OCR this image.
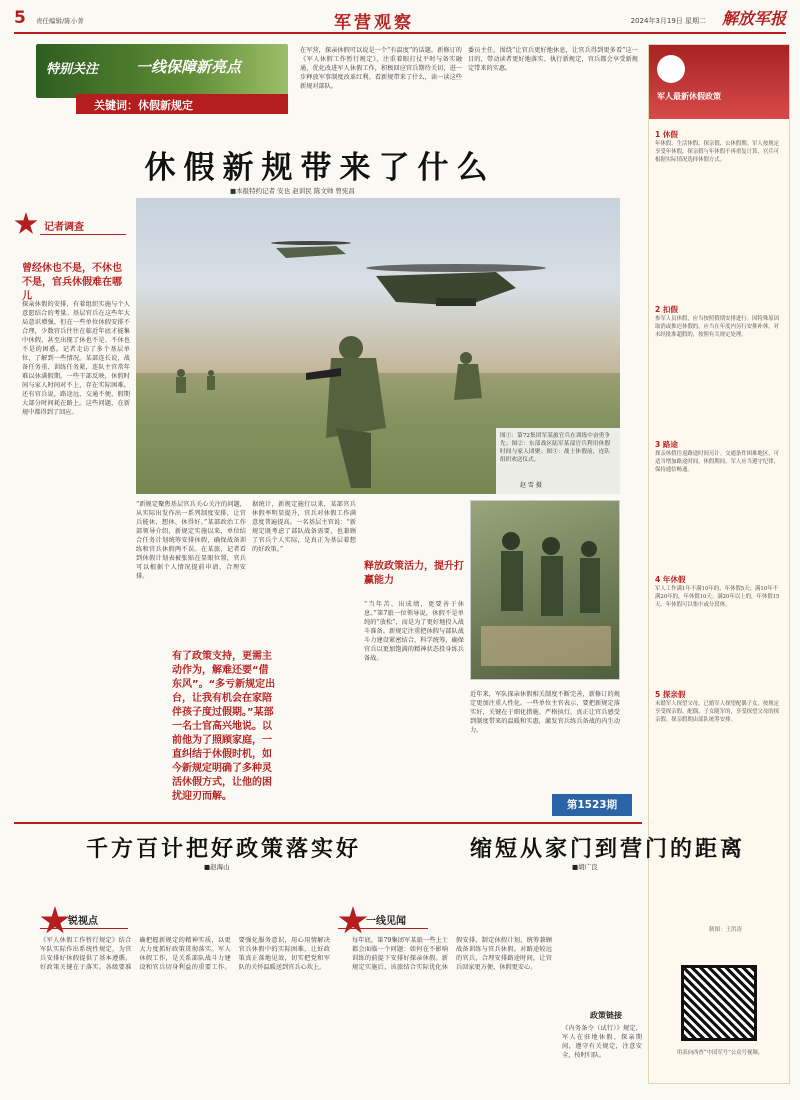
5 责任编辑/陈小菁	军营观察	2024年3月19日 星期二 解放军报
特别关注	一线保障新亮点
关键词：休假新规定
在军营，探亲休假可以说是一个“有温度”的话题。新修订的《军人休假工作暂行规定》，注重着眼打仗平时与备实融通，优化改进军人休假工作，积极回应官兵期待关切，进一步释放军事制度改革红利。看新规带来了什么，读一读这些新规对部队。
委员主任，围绕“让官兵更好地休息，让官兵得到更多看”这一目的，带动读者更好地落实、执行新规定，官兵都会享受新规定带来的实惠。
休假新规带来了什么
■本报特约记者 安也 赵训民 陈文帅 曾宪昌
记者调查
曾经休也不是，不休也不是，官兵休假难在哪儿
探亲休假的安排，有着组织实施与个人意愿结合的考量。基层官兵在这些年大局意识增强，但在一些单位休假安排不合理，少数官兵往往在临近年底才能集中休假，甚至出现了休也不是、不休也不是的困惑。记者走访了多个基层单位，了解到一些情况。某部连长说，战备任务重、训练任务紧，连队主官常年难以休满假期。一些干部反映，休假时间与家人时间对不上，存在实际困难。还有官兵说，路途远、交通不便，假期大部分时间耗在路上。这些问题，在新规中都得到了回应。
图①：第72集团军某旅官兵在训练中奋勇争先；图②：东部战区陆军某部官兵利用休假时间与家人团聚；图③：战士休假前，连队组织欢送仪式。
赵 雪 摄
“新规定聚焦基层官兵关心关注的问题，从实际出发作出一系列制度安排，让官兵能休、想休、休得好。”某部政治工作部领导介绍，新规定实施以来，单位结合任务计划统筹安排休假，确保战备训练和官兵休假两不误。在某旅，记者看到休假计划表被张贴在显眼位置，官兵可以根据个人情况提前申请、合理安排。
有了政策支持，更需主动作为，解难还要“借东风”。“多亏新规定出台，让我有机会在家陪伴孩子度过假期。”某部一名士官高兴地说。以前他为了照顾家庭，一直纠结于休假时机，如今新规定明确了多种灵活休假方式，让他的困扰迎刃而解。
据统计，新规定施行以来，某部官兵休假率明显提升，官兵对休假工作满意度普遍提高。一名基层主官说：“新规定既考虑了部队战备需要，也兼顾了官兵个人实际，是真正为基层着想的好政策。”
释放政策活力，提升打赢能力
“当年苦、出成绩，更要善于休息。”第7旅一位领导说，休假不是单纯的“放松”，而是为了更好地投入战斗准备。新规定注重把休假与部队战斗力建设紧密结合，科学统筹，确保官兵以更加饱满的精神状态投身练兵备战。
近年来，军队探亲休假相关制度不断完善，新修订的规定更加注重人性化。一些单位主官表示，要把新规定落实好，关键在于细化措施、严格执行，真正让官兵感受到制度带来的温暖和实惠，激发官兵练兵备战的内生动力。
第1523期
军人最新休假政策
1 休假
年休假、生活休假、探亲假、公休假期。军人按规定享受年休假，探亲假与年休假不再重复计算，官兵可根据实际情况选择休假方式。
2 扣假
参军人员休假，应当按照假期安排进行。因特殊原因取消或推迟休假的，应当在年度内另行安排补休。对未经批准超假的，按照有关规定处理。
3 路途
探亲休假往返路途时间另计。交通条件困难地区，可适当增加路途时间。休假期间，军人应当遵守纪律，保持通信畅通。
4 年休假
军人工作满1年不满10年的，年休假5天；满10年不满20年的，年休假10天；满20年以上的，年休假15天。年休假可以集中或分段休。
5 探亲假
未婚军人探望父母，已婚军人探望配偶子女，按规定享受探亲假。配偶、子女随军的，享受探望父母的探亲假。探亲假期由部队统筹安排。
制图：王洪涛
用表向西查“中国军号”公众号视频。
千方百计把好政策落实好
■赵海山
锐视点
《军人休假工作暂行规定》结合军队实际作出系统性规定，为官兵安排好休假提供了基本遵循。好政策关键在于落实。各级要准确把握新规定的精神实质，以更大力度抓好政策贯彻落实。军人休假工作，是关系部队战斗力建设和官兵切身利益的重要工作。要强化服务意识，用心用情解决官兵休假中的实际困难，让好政策真正落地见效，切实把党和军队的关怀温暖送到官兵心坎上。
缩短从家门到营门的距离
■胡广良
一线见闻
每年底，第79集团军某旅一些上士都会面临一个问题：如何在不影响训练的前提下安排好探亲休假。新规定实施后，该旅结合实际优化休假安排，制定休假计划，统筹兼顾战备训练与官兵休假。对路途较远的官兵，合理安排路途时间，让官兵回家更方便、休假更安心。
政策链接
《内务条令（试行）》规定，军人在驻地休假、探亲期间，遵守有关规定，注意安全，按时归队。
